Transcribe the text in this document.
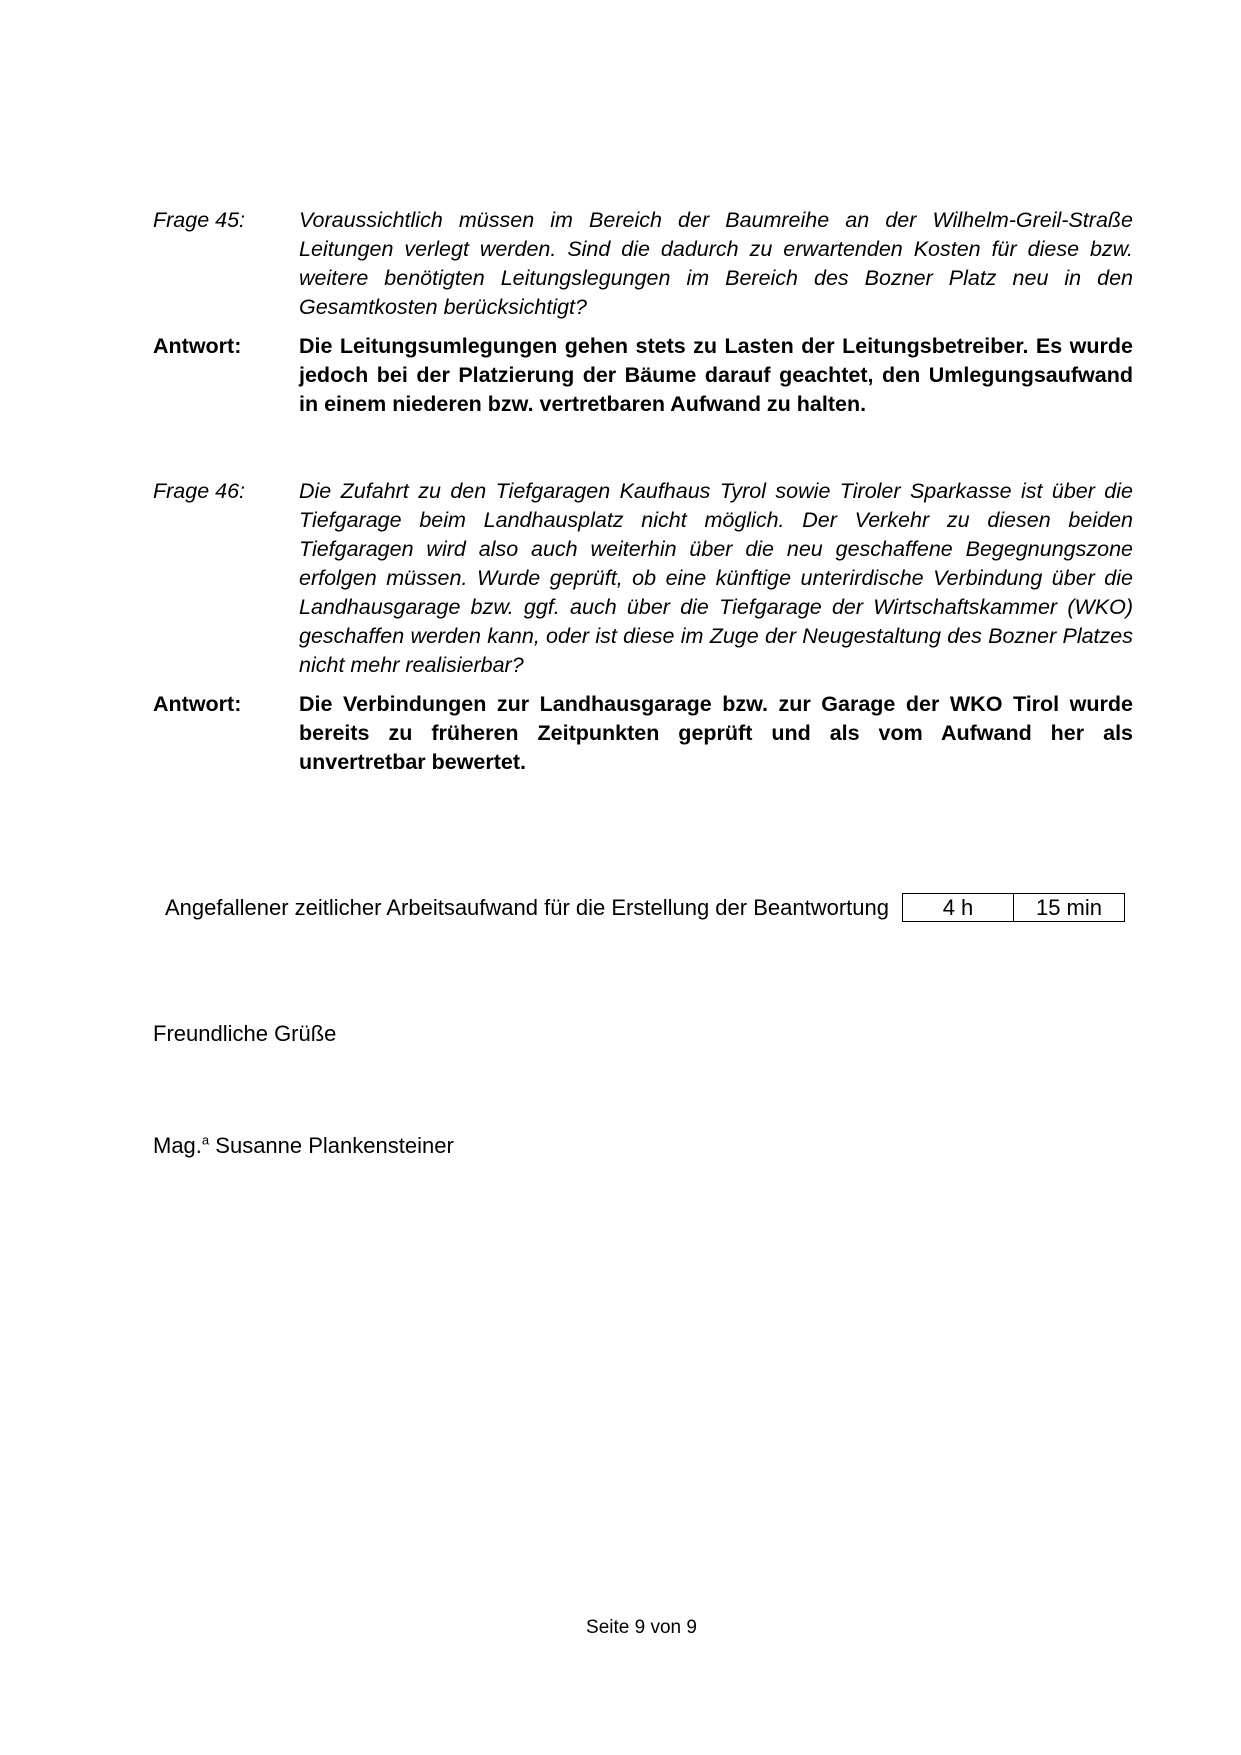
Frage 45:	Voraussichtlich müssen im Bereich der Baumreihe an der Wilhelm-Greil-Straße Leitungen verlegt werden. Sind die dadurch zu erwartenden Kosten für diese bzw. weitere benötigten Leitungslegungen im Bereich des Bozner Platz neu in den Gesamtkosten berücksichtigt?
Antwort:	Die Leitungsumlegungen gehen stets zu Lasten der Leitungsbetreiber. Es wurde jedoch bei der Platzierung der Bäume darauf geachtet, den Umlegungsaufwand in einem niederen bzw. vertretbaren Aufwand zu halten.
Frage 46:	Die Zufahrt zu den Tiefgaragen Kaufhaus Tyrol sowie Tiroler Sparkasse ist über die Tiefgarage beim Landhausplatz nicht möglich. Der Verkehr zu diesen beiden Tiefgaragen wird also auch weiterhin über die neu geschaffene Begegnungszone erfolgen müssen. Wurde geprüft, ob eine künftige unterirdische Verbindung über die Landhausgarage bzw. ggf. auch über die Tiefgarage der Wirtschaftskammer (WKO) geschaffen werden kann, oder ist diese im Zuge der Neugestaltung des Bozner Platzes nicht mehr realisierbar?
Antwort:	Die Verbindungen zur Landhausgarage bzw. zur Garage der WKO Tirol wurde bereits zu früheren Zeitpunkten geprüft und als vom Aufwand her als unvertretbar bewertet.
Angefallener zeitlicher Arbeitsaufwand für die Erstellung der Beantwortung	4 h	15 min
Freundliche Grüße
Mag.$^a$ Susanne Plankensteiner
Seite 9 von 9
